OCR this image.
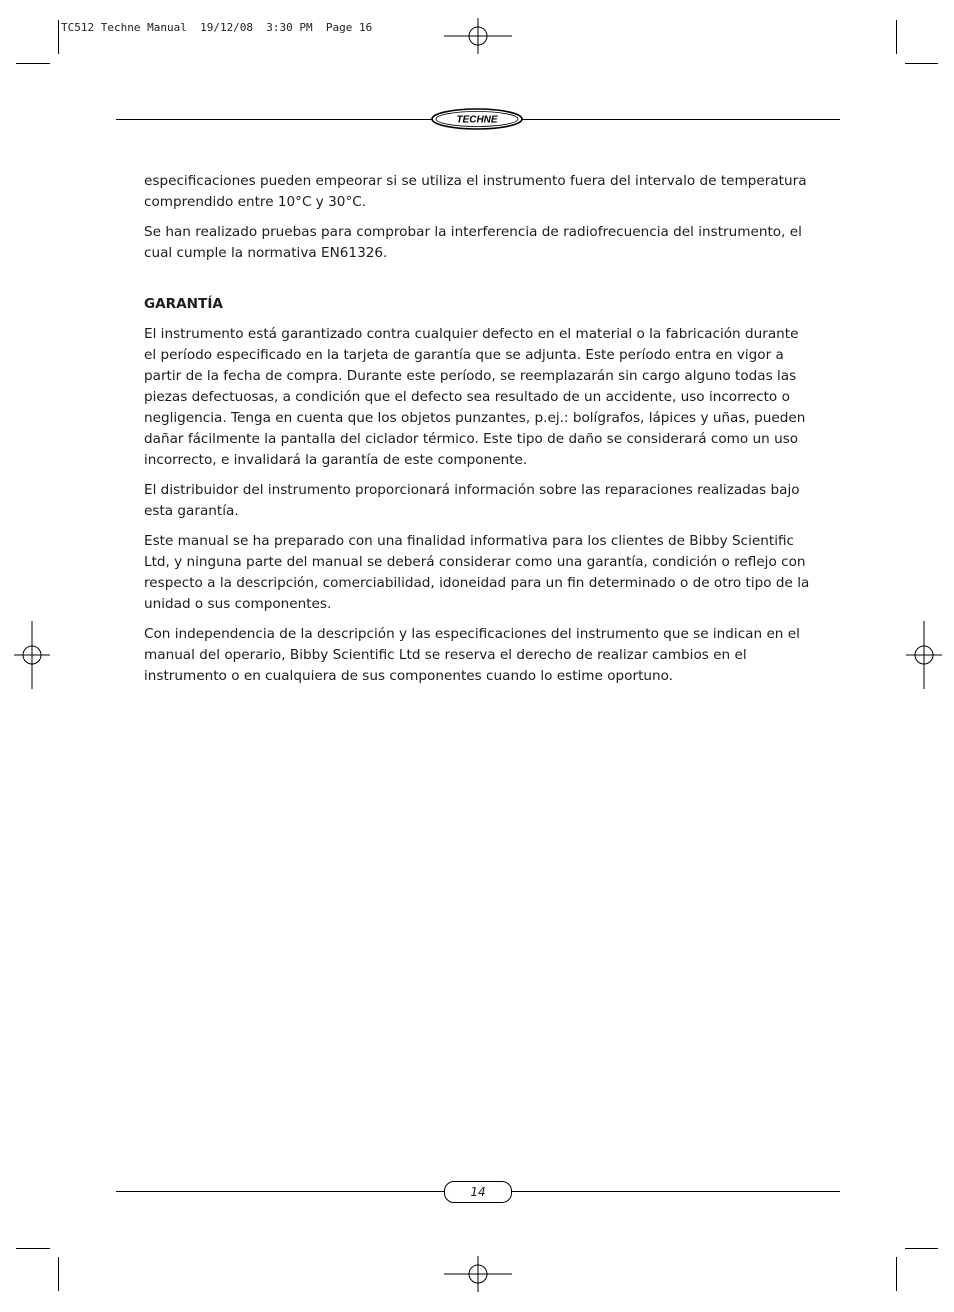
TC512 Techne Manual  19/12/08  3:30 PM  Page 16
TECHNE

especificaciones pueden empeorar si se utiliza el instrumento fuera del intervalo de temperatura comprendido entre 10°C y 30°C.

Se han realizado pruebas para comprobar la interferencia de radiofrecuencia del instrumento, el cual cumple la normativa EN61326.

GARANTÍA

El instrumento está garantizado contra cualquier defecto en el material o la fabricación durante el período especificado en la tarjeta de garantía que se adjunta. Este período entra en vigor a partir de la fecha de compra. Durante este período, se reemplazarán sin cargo alguno todas las piezas defectuosas, a condición que el defecto sea resultado de un accidente, uso incorrecto o negligencia. Tenga en cuenta que los objetos punzantes, p.ej.: bolígrafos, lápices y uñas, pueden dañar fácilmente la pantalla del ciclador térmico. Este tipo de daño se considerará como un uso incorrecto, e invalidará la garantía de este componente.

El distribuidor del instrumento proporcionará información sobre las reparaciones realizadas bajo esta garantía.

Este manual se ha preparado con una finalidad informativa para los clientes de Bibby Scientific Ltd, y ninguna parte del manual se deberá considerar como una garantía, condición o reflejo con respecto a la descripción, comerciabilidad, idoneidad para un fin determinado o de otro tipo de la unidad o sus componentes.

Con independencia de la descripción y las especificaciones del instrumento que se indican en el manual del operario, Bibby Scientific Ltd se reserva el derecho de realizar cambios en el instrumento o en cualquiera de sus componentes cuando lo estime oportuno.

14
